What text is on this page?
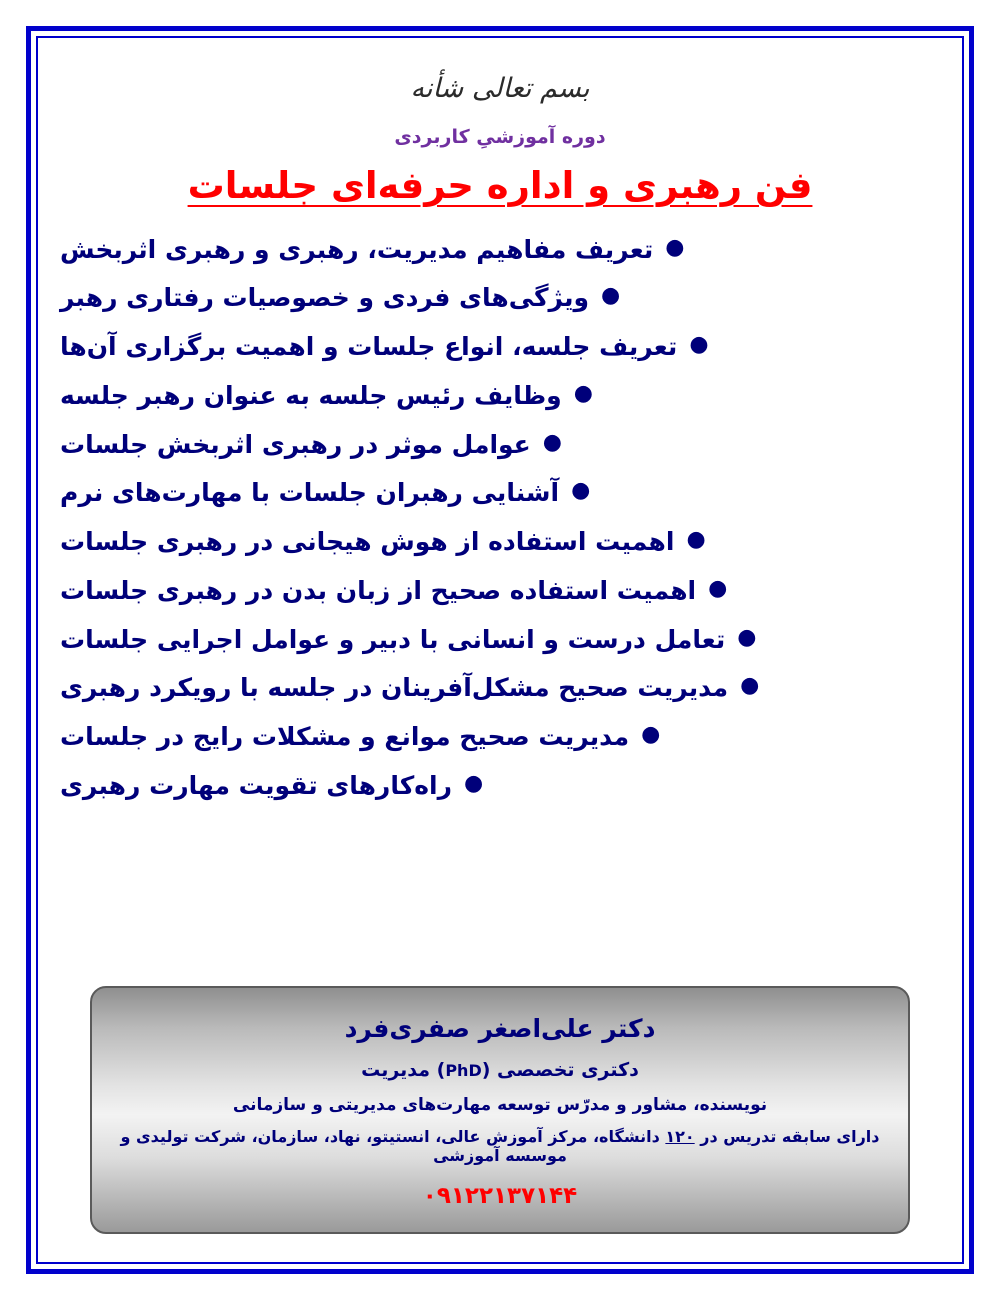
بسم تعالی شأنه
دوره آموزشیِ کاربردی
فن رهبری و اداره حرفه‌ای جلسات
●
تعریف مفاهیم مدیریت، رهبری و رهبری اثربخش
●
ویژگی‌های فردی و خصوصیات رفتاری رهبر
●
تعریف جلسه، انواع جلسات و اهمیت برگزاری آن‌ها
●
وظایف رئیس جلسه به عنوان رهبر جلسه
●
عوامل موثر در رهبری اثربخش جلسات
●
آشنایی رهبران جلسات با مهارت‌های نرم
●
اهمیت استفاده از هوش هیجانی در رهبری جلسات
●
اهمیت استفاده صحیح از زبان بدن در رهبری جلسات
●
تعامل درست و انسانی با دبیر و عوامل اجرایی جلسات
●
مدیریت صحیح مشکل‌آفرینان در جلسه با رویکرد رهبری
●
مدیریت صحیح موانع و مشکلات رایج در جلسات
●
راه‌کارهای تقویت مهارت رهبری
دکتر علی‌اصغر صفری‌فرد
دکتری تخصصی (PhD) مدیریت
نویسنده، مشاور و مدرّس توسعه مهارت‌های مدیریتی و سازمانی
دارای سابقه تدریس در ۱۲۰ دانشگاه، مرکز آموزش عالی، انستیتو، نهاد، سازمان، شرکت تولیدی و موسسه آموزشی
۰۹۱۲۲۱۳۷۱۴۴
